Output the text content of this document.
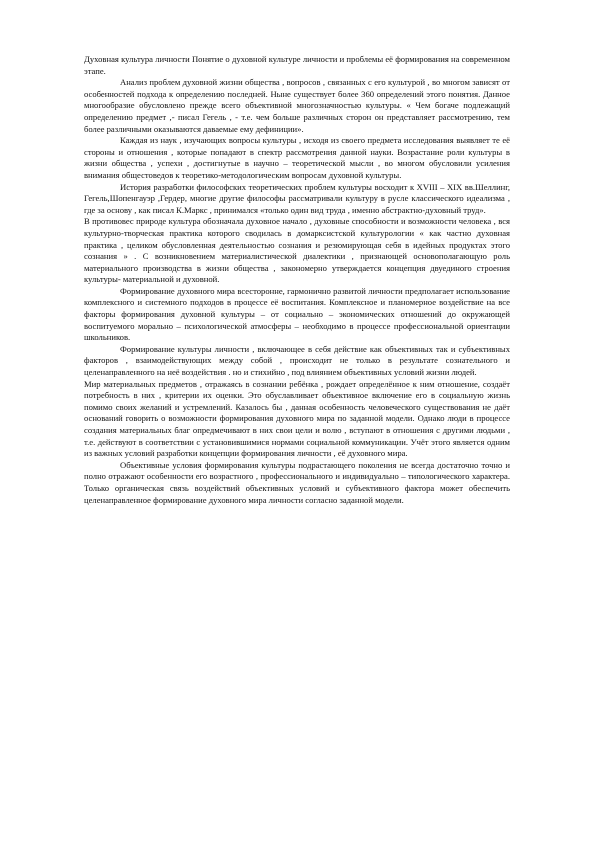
Духовная культура личности Понятие о духовной культуре личности и проблемы её формирования на современном этапе.

Анализ проблем духовной жизни общества , вопросов , связанных с его культурой , во многом зависят от особенностей подхода к определению последней. Ныне существует более 360 определений этого понятия. Данное многообразие обусловлено прежде всего объективной многозначностью культуры. « Чем богаче подлежащий определению предмет ,- писал Гегель , - т.е. чем больше различных сторон он представляет рассмотрению, тем более различными оказываются даваемые ему дефиниции».

Каждая из наук , изучающих вопросы культуры , исходя из своего предмета исследования выявляет те её стороны и отношения , которые попадают в спектр рассмотрения данной науки. Возрастание роли культуры в жизни общества , успехи , достигнутые в научно – теоретической мысли , во многом обусловили усиления внимания общестоведов к теоретико-методологическим вопросам духовной культуры.

История разработки философских теоретических проблем культуры восходит к XVIII – XIX вв.Шеллинг, Гегель,Шопенгауэр ,Гердер, многие другие философы рассматривали культуру в русле классического идеализма , где за основу , как писал К.Маркс , принимался «только один вид труда , именно абстрактно-духовный труд».

В противовес природе культура обозначала духовное начало , духовные способности и возможности человека , вся культурно-творческая практика которого сводилась в домарксистской культурологии « как частно духовная практика , целиком обусловленная деятельностью сознания и резюмирующая себя в идейных продуктах этого сознания » . С возникновением материалистической диалектики , признающей основополагающую роль материального производства в жизни общества , закономерно утверждается концепция двуединого строения культуры- материальной и духовной.

Формирование духовного мира всесторонне, гармонично развитой личности предполагает использование комплексного и системного подходов в процессе её воспитания. Комплексное и планомерное воздействие на все факторы формирования духовной культуры – от социально – экономических отношений до окружающей воспитуемого морально – психологической атмосферы – необходимо в процессе профессиональной ориентации школьников.

Формирование культуры личности , включающее в себя действие как объективных так и субъективных факторов , взаимодействующих между собой , происходит не только в результате сознательного и целенаправленного на неё воздействия . но и стихийно , под влиянием объективных условий жизни людей.

Мир материальных предметов , отражаясь в сознании ребёнка , рождает определённое к ним отношение, создаёт потребность в них , критерии их оценки. Это обуславливает объективное включение его в социальную жизнь помимо своих желаний и устремлений. Казалось бы , данная особенность человеческого существования не даёт оснований говорить о возможности формирования духовного мира по заданной модели. Однако люди в процессе создания материальных благ опредмечивают в них свои цели и волю , вступают в отношения с другими людьми , т.е. действуют в соответствии с установившимися нормами социальной коммуникации. Учёт этого является одним из важных условий разработки концепции формирования личности , её духовного мира.

Объективные условия формирования культуры подрастающего поколения не всегда достаточно точно и полно отражают особенности его возрастного , профессионального и индивидуально – типологического характера. Только органическая связь воздействий объективных условий и субъективного фактора может обеспечить целенаправленное формирование духовного мира личности согласно заданной модели.
